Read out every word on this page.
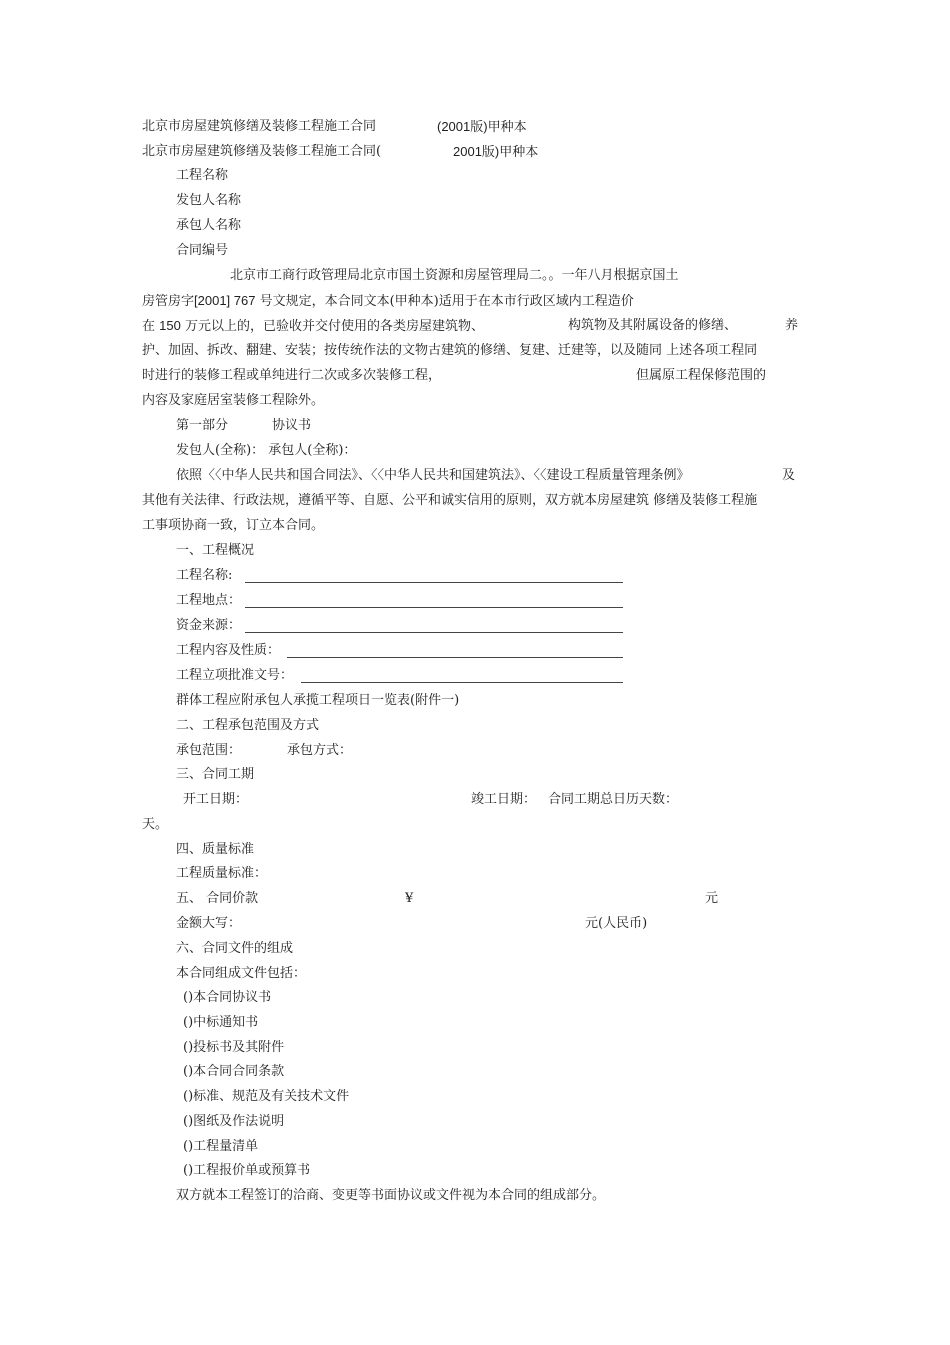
北京市房屋建筑修缮及装修工程施工合同	(2001版)甲种本
北京市房屋建筑修缮及装修工程施工合同(	2001版)甲种本
工程名称
发包人名称
承包人名称
合同编号
北京市工商行政管理局北京市国土资源和房屋管理局二。。一年八月根据京国土
房管房字[2001] 767 号文规定，本合同文本(甲种本)适用于在本市行政区域内工程造价
在 150 万元以上的，已验收并交付使用的各类房屋建筑物、	构筑物及其附属设备的修缮、	养
护、加固、拆改、翻建、安装；按传统作法的文物古建筑的修缮、复建、迁建等，以及随同 上述各项工程同
时进行的装修工程或单纯进行二次或多次装修工程，	但属原工程保修范围的
内容及家庭居室装修工程除外。
第一部分	协议书
发包人(全称)： 承包人(全称)：
依照〈〈中华人民共和国合同法》、〈〈中华人民共和国建筑法》、〈〈建设工程质量管理条例》	及
其他有关法律、行政法规，遵循平等、自愿、公平和诚实信用的原则，双方就本房屋建筑 修缮及装修工程施
工事项协商一致，订立本合同。
一、工程概况
工程名称:
工程地点：
资金来源：
工程内容及性质：
工程立项批准文号：
群体工程应附承包人承揽工程项日一览表(附件一)
二、工程承包范围及方式
承包范围：	承包方式：
三、合同工期
开工日期：	竣工日期： 合同工期总日历天数：
天。
四、质量标准
工程质量标准：
五、 合同价款	¥	元
金额大写：	元(人民币)
六、合同文件的组成
本合同组成文件包括：
()本合同协议书
()中标通知书
()投标书及其附件
()本合同合同条款
()标准、规范及有关技术文件
()图纸及作法说明
()工程量清单
()工程报价单或预算书
双方就本工程签订的洽商、变更等书面协议或文件视为本合同的组成部分。
